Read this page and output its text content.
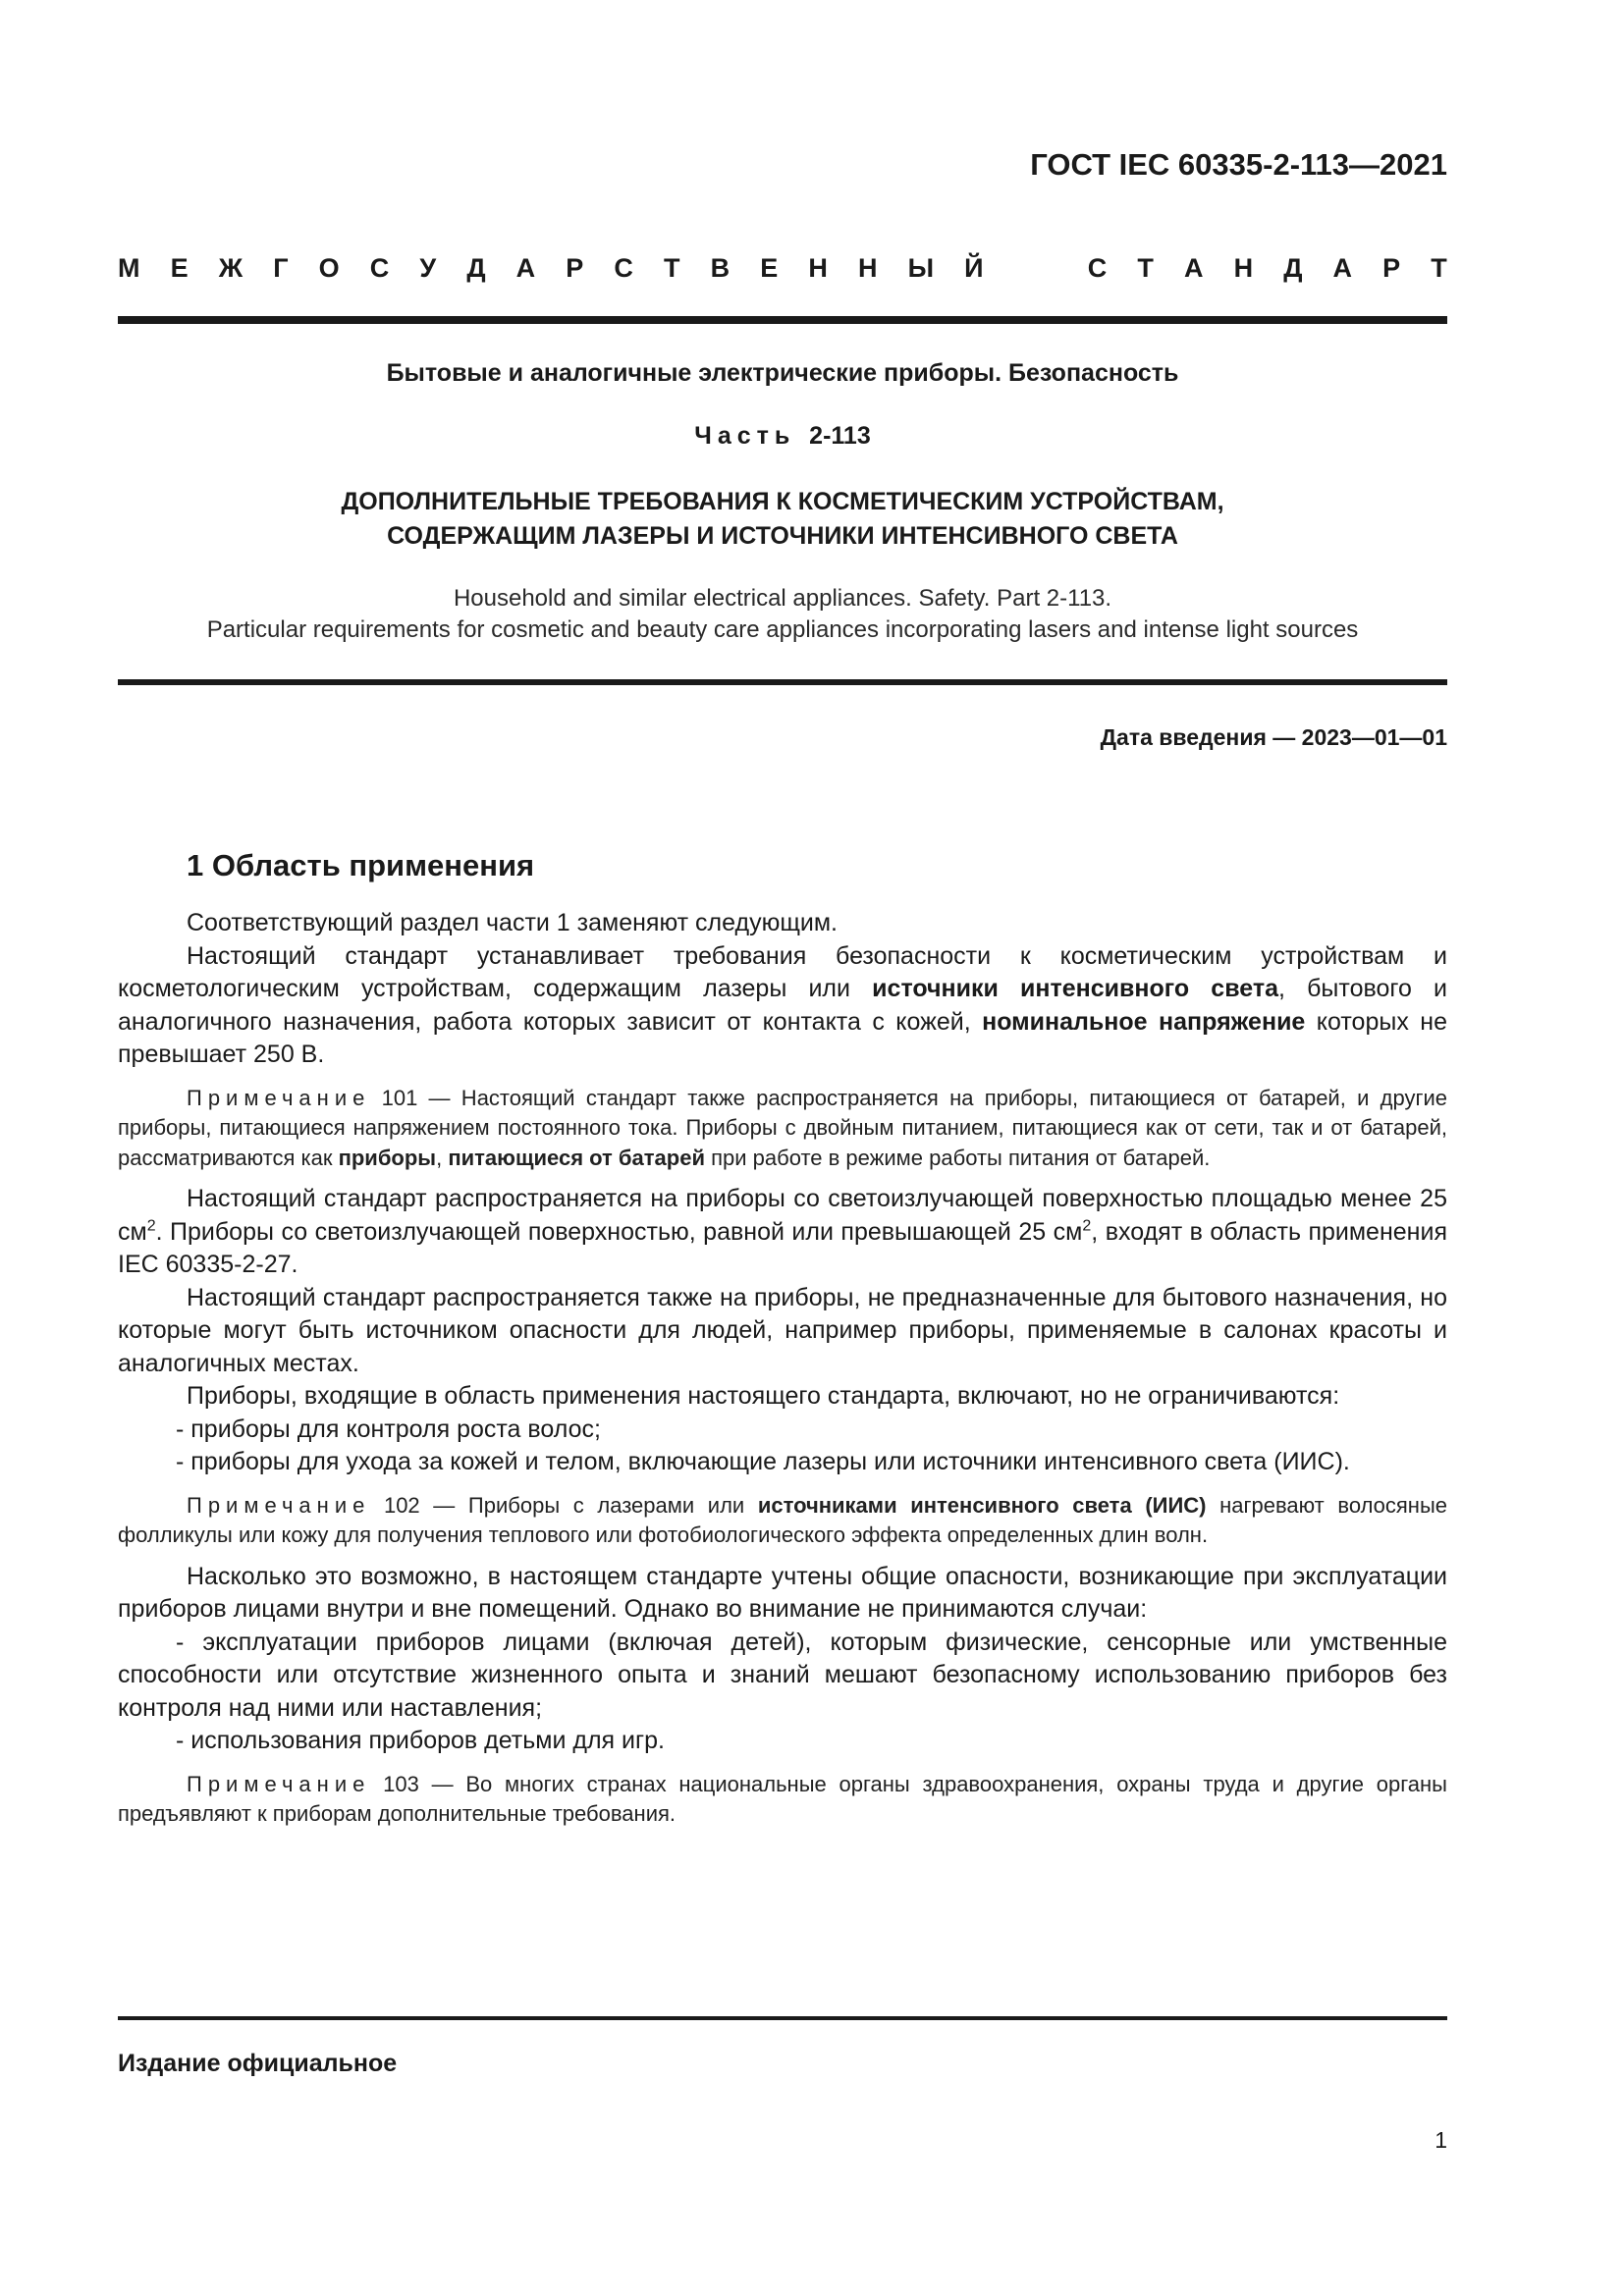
ГОСТ IEC 60335-2-113—2021
М Е Ж Г О С У Д А Р С Т В Е Н Н Ы Й	С Т А Н Д А Р Т
Бытовые и аналогичные электрические приборы. Безопасность
Часть 2-113
ДОПОЛНИТЕЛЬНЫЕ ТРЕБОВАНИЯ К КОСМЕТИЧЕСКИМ УСТРОЙСТВАМ,
СОДЕРЖАЩИМ ЛАЗЕРЫ И ИСТОЧНИКИ ИНТЕНСИВНОГО СВЕТА
Household and similar electrical appliances. Safety. Part 2-113.
Particular requirements for cosmetic and beauty care appliances incorporating lasers and intense light sources
Дата введения — 2023—01—01
1 Область применения

Соответствующий раздел части 1 заменяют следующим.

Настоящий стандарт устанавливает требования безопасности к косметическим устройствам и косметологическим устройствам, содержащим лазеры или источники интенсивного света, бытового и аналогичного назначения, работа которых зависит от контакта с кожей, номинальное напряжение которых не превышает 250 В.

Примечание 101 — Настоящий стандарт также распространяется на приборы, питающиеся от батарей, и другие приборы, питающиеся напряжением постоянного тока. Приборы с двойным питанием, питающиеся как от сети, так и от батарей, рассматриваются как приборы, питающиеся от батарей при работе в режиме работы питания от батарей.

Настоящий стандарт распространяется на приборы со светоизлучающей поверхностью площадью менее 25 $см^2$. Приборы со светоизлучающей поверхностью, равной или превышающей 25 $см^2$, входят в область применения IEC 60335-2-27.

Настоящий стандарт распространяется также на приборы, не предназначенные для бытового назначения, но которые могут быть источником опасности для людей, например приборы, применяемые в салонах красоты и аналогичных местах.

Приборы, входящие в область применения настоящего стандарта, включают, но не ограничиваются:

- приборы для контроля роста волос;

- приборы для ухода за кожей и телом, включающие лазеры или источники интенсивного света (ИИС).

Примечание 102 — Приборы с лазерами или источниками интенсивного света (ИИС) нагревают волосяные фолликулы или кожу для получения теплового или фотобиологического эффекта определенных длин волн.

Насколько это возможно, в настоящем стандарте учтены общие опасности, возникающие при эксплуатации приборов лицами внутри и вне помещений. Однако во внимание не принимаются случаи:

- эксплуатации приборов лицами (включая детей), которым физические, сенсорные или умственные способности или отсутствие жизненного опыта и знаний мешают безопасному использованию приборов без контроля над ними или наставления;

- использования приборов детьми для игр.

Примечание 103 — Во многих странах национальные органы здравоохранения, охраны труда и другие органы предъявляют к приборам дополнительные требования.

Издание официальное
1
